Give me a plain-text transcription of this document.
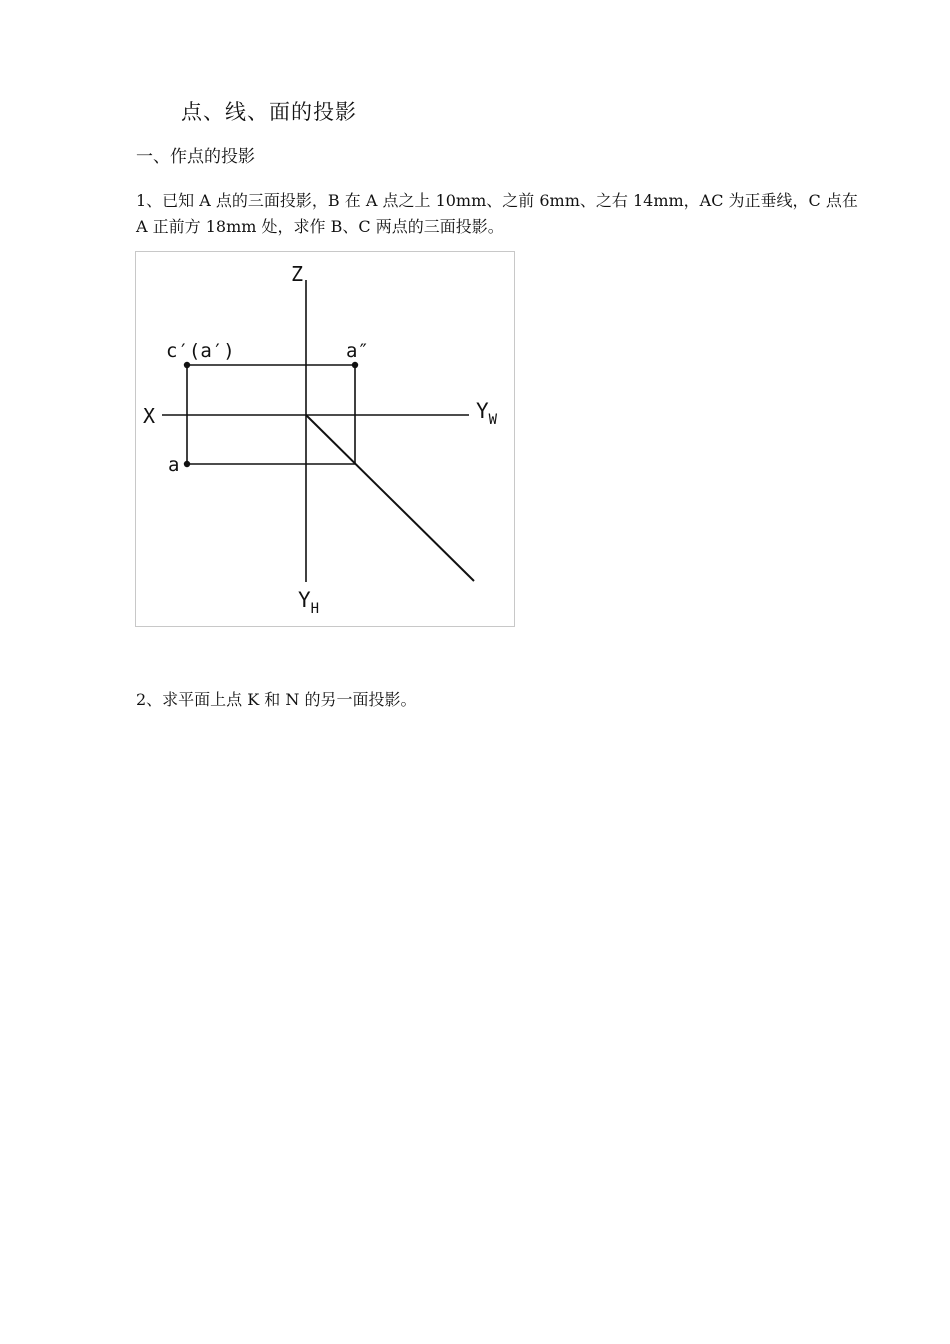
点、线、面的投影
一、作点的投影
1、已知 A 点的三面投影，B 在 A 点之上 10mm、之前 6mm、之右 14mm，AC 为正垂线，C 点在 A 正前方 18mm 处，求作 B、C 两点的三面投影。
Z
X	$Y_W$
$Y_H$
c′(a′)	a″
a
2、求平面上点 K 和 N 的另一面投影。
